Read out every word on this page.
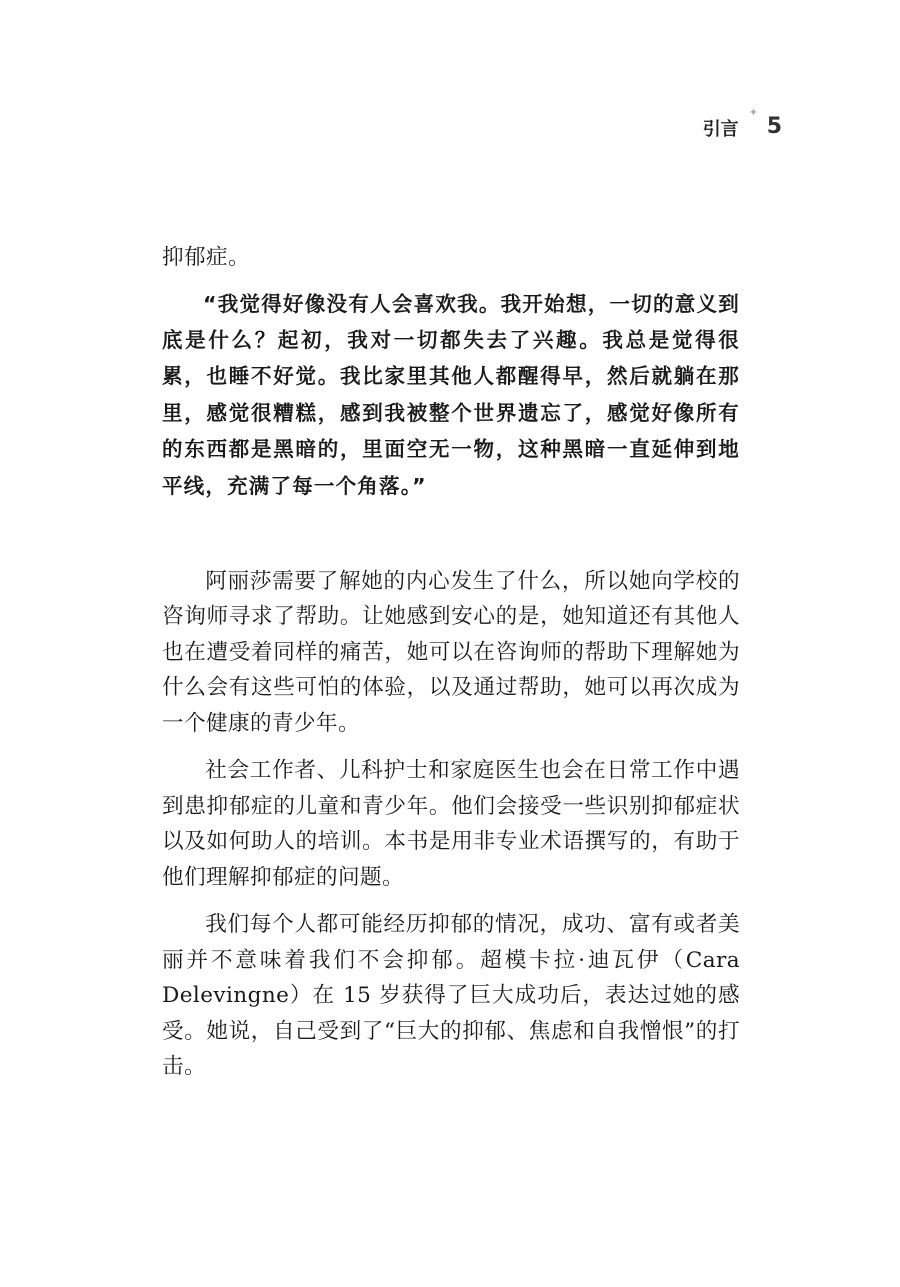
引言
✦
5

抑郁症。

“我觉得好像没有人会喜欢我。我开始想，一切的意义到底是什么？起初，我对一切都失去了兴趣。我总是觉得很累，也睡不好觉。我比家里其他人都醒得早，然后就躺在那里，感觉很糟糕，感到我被整个世界遗忘了，感觉好像所有的东西都是黑暗的，里面空无一物，这种黑暗一直延伸到地平线，充满了每一个角落。”

阿丽莎需要了解她的内心发生了什么，所以她向学校的咨询师寻求了帮助。让她感到安心的是，她知道还有其他人也在遭受着同样的痛苦，她可以在咨询师的帮助下理解她为什么会有这些可怕的体验，以及通过帮助，她可以再次成为一个健康的青少年。

社会工作者、儿科护士和家庭医生也会在日常工作中遇到患抑郁症的儿童和青少年。他们会接受一些识别抑郁症状以及如何助人的培训。本书是用非专业术语撰写的，有助于他们理解抑郁症的问题。

我们每个人都可能经历抑郁的情况，成功、富有或者美丽并不意味着我们不会抑郁。超模卡拉·迪瓦伊（Cara Delevingne）在 15 岁获得了巨大成功后，表达过她的感受。她说，自己受到了“巨大的抑郁、焦虑和自我憎恨”的打击。
